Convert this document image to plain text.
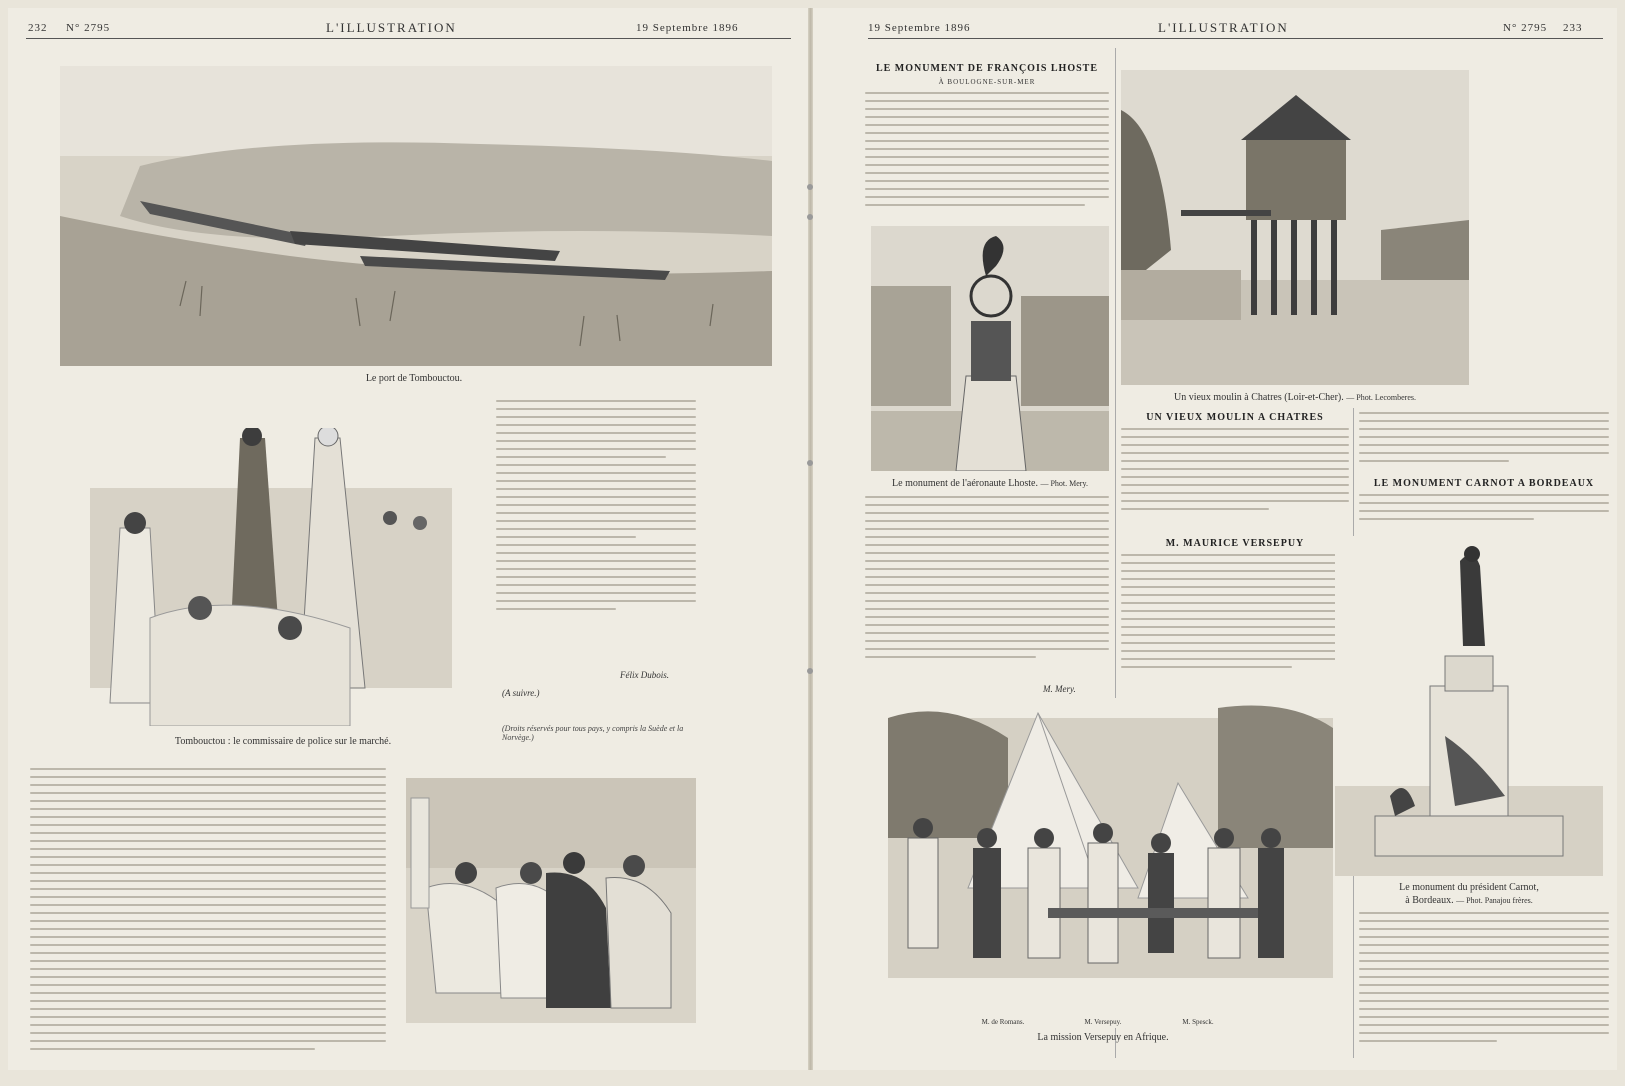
232 N° 2795	L'ILLUSTRATION	19 Septembre 1896
Le port de Tombouctou.
Tombouctou : le commissaire de police sur le marché.
Félix Dubois.
(A suivre.)
(Droits réservés pour tous pays, y compris la Suède et la Norvège.)
19 Septembre 1896	L'ILLUSTRATION	N° 2795 233
LE MONUMENT DE FRANÇOIS LHOSTE
À BOULOGNE-SUR-MER
Le monument de l'aéronaute Lhoste. — Phot. Mery.
M. Mery.
Un vieux moulin à Chatres (Loir-et-Cher). — Phot. Lecomberes.
UN VIEUX MOULIN A CHATRES
M. MAURICE VERSEPUY
LE MONUMENT CARNOT A BORDEAUX
Le monument du président Carnot,
à Bordeaux. — Phot. Panajou frères.
M. de Romans.	M. Versepuy.	M. Spesck.
La mission Versepuy en Afrique.
